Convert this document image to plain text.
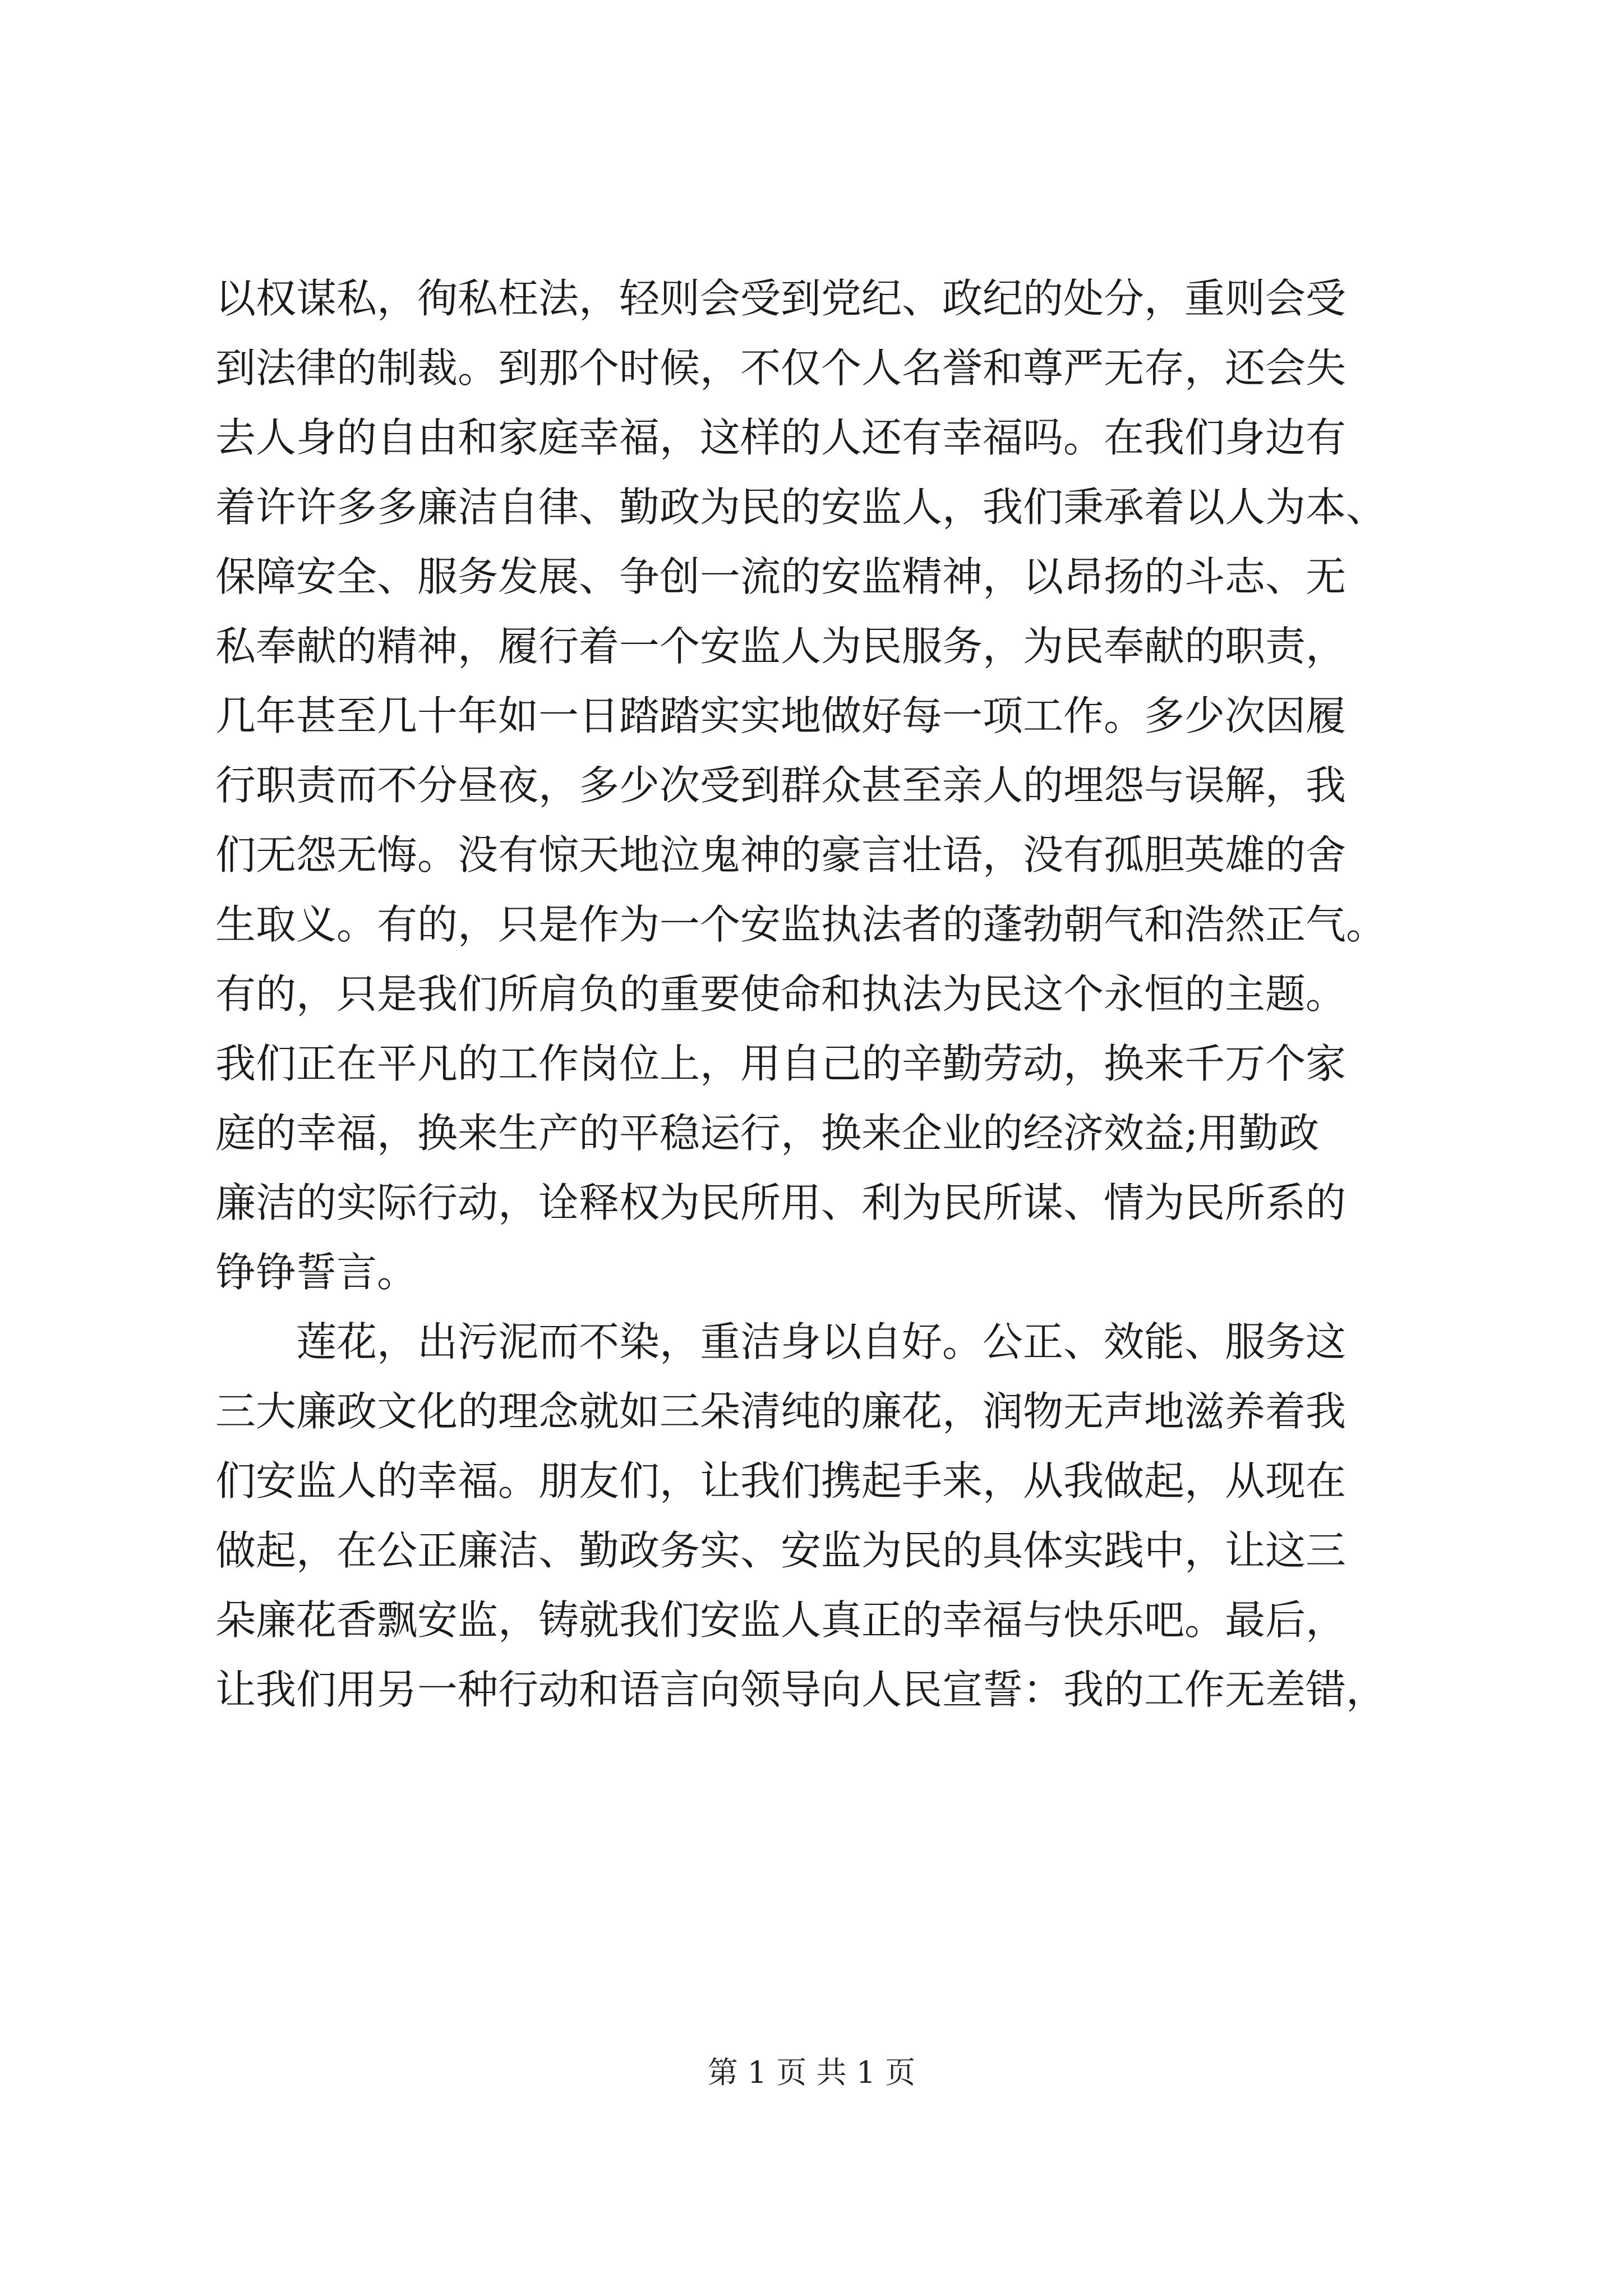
以权谋私，徇私枉法，轻则会受到党纪、政纪的处分，重则会受
到法律的制裁。到那个时候，不仅个人名誉和尊严无存，还会失
去人身的自由和家庭幸福，这样的人还有幸福吗。在我们身边有
着许许多多廉洁自律、勤政为民的安监人，我们秉承着以人为本、
保障安全、服务发展、争创一流的安监精神，以昂扬的斗志、无
私奉献的精神，履行着一个安监人为民服务，为民奉献的职责，
几年甚至几十年如一日踏踏实实地做好每一项工作。多少次因履
行职责而不分昼夜，多少次受到群众甚至亲人的埋怨与误解，我
们无怨无悔。没有惊天地泣鬼神的豪言壮语，没有孤胆英雄的舍
生取义。有的，只是作为一个安监执法者的蓬勃朝气和浩然正气。
有的，只是我们所肩负的重要使命和执法为民这个永恒的主题。
我们正在平凡的工作岗位上，用自己的辛勤劳动，换来千万个家
庭的幸福，换来生产的平稳运行，换来企业的经济效益;用勤政
廉洁的实际行动，诠释权为民所用、利为民所谋、情为民所系的
铮铮誓言。
莲花，出污泥而不染，重洁身以自好。公正、效能、服务这
三大廉政文化的理念就如三朵清纯的廉花，润物无声地滋养着我
们安监人的幸福。朋友们，让我们携起手来，从我做起，从现在
做起，在公正廉洁、勤政务实、安监为民的具体实践中，让这三
朵廉花香飘安监，铸就我们安监人真正的幸福与快乐吧。最后，
让我们用另一种行动和语言向领导向人民宣誓：我的工作无差错，
第 1 页 共 1 页
